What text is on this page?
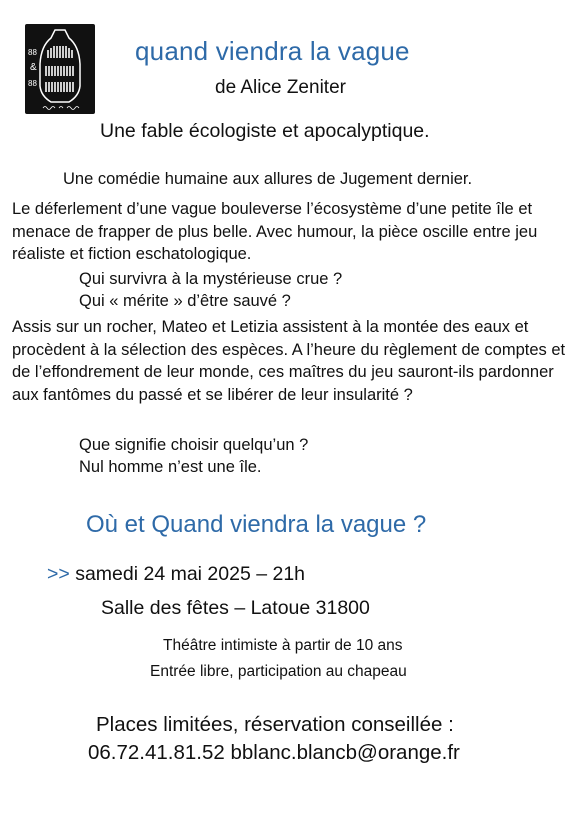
88
&
88
quand viendra la vague
de Alice Zeniter
Une fable écologiste et apocalyptique.
Une comédie humaine aux allures de Jugement dernier.
Le déferlement d’une vague bouleverse l’écosystème d’une petite île et menace de frapper de plus belle. Avec humour, la pièce oscille entre jeu réaliste et fiction eschatologique.
Qui survivra à la mystérieuse crue ?
Qui « mérite » d’être sauvé ?
Assis sur un rocher, Mateo et Letizia assistent à la montée des eaux et procèdent à la sélection des espèces. A l’heure du règlement de comptes et de l’effondrement de leur monde, ces maîtres du jeu sauront-ils pardonner aux fantômes du passé et se libérer de leur insularité ?
Que signifie choisir quelqu’un ?
Nul homme n’est une île.
Où et Quand viendra la vague ?
>> samedi 24 mai 2025 – 21h
Salle des fêtes – Latoue 31800
Théâtre intimiste à partir de 10 ans
Entrée libre, participation au chapeau
Places limitées, réservation conseillée :
06.72.41.81.52 bblanc.blancb@orange.fr
